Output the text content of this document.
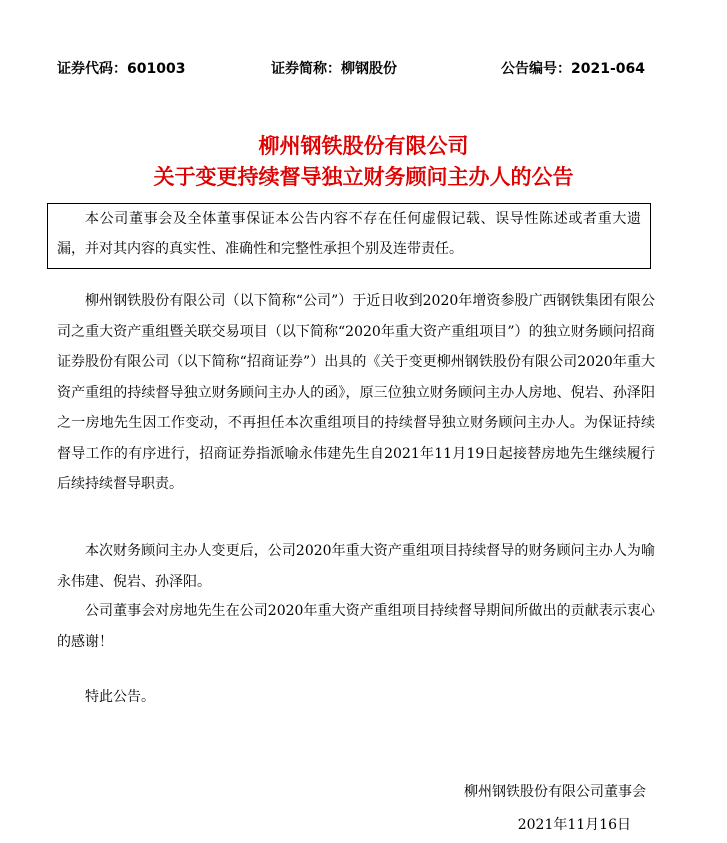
证券代码：601003	证券简称：柳钢股份	公告编号：2021-064
柳州钢铁股份有限公司
关于变更持续督导独立财务顾问主办人的公告

本公司董事会及全体董事保证本公告内容不存在任何虚假记载、误导性陈述或者重大遗漏，并对其内容的真实性、准确性和完整性承担个别及连带责任。

柳州钢铁股份有限公司（以下简称“公司”）于近日收到2020年增资参股广西钢铁集团有限公司之重大资产重组暨关联交易项目（以下简称“2020年重大资产重组项目”）的独立财务顾问招商证券股份有限公司（以下简称“招商证券”）出具的《关于变更柳州钢铁股份有限公司2020年重大资产重组的持续督导独立财务顾问主办人的函》，原三位独立财务顾问主办人房地、倪岩、孙泽阳之一房地先生因工作变动，不再担任本次重组项目的持续督导独立财务顾问主办人。为保证持续督导工作的有序进行，招商证券指派喻永伟建先生自2021年11月19日起接替房地先生继续履行后续持续督导职责。

本次财务顾问主办人变更后，公司2020年重大资产重组项目持续督导的财务顾问主办人为喻永伟建、倪岩、孙泽阳。

公司董事会对房地先生在公司2020年重大资产重组项目持续督导期间所做出的贡献表示衷心的感谢！

特此公告。

柳州钢铁股份有限公司董事会
2021年11月16日
